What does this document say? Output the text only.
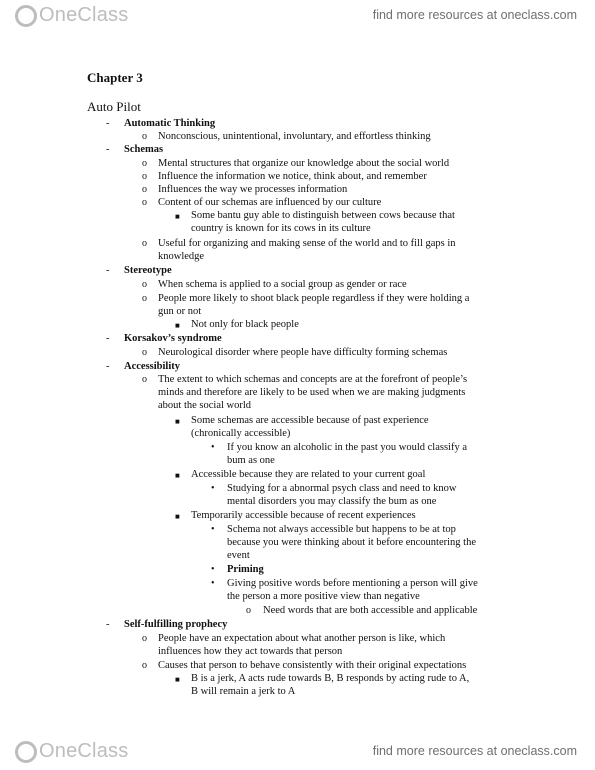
OneClass	find more resources at oneclass.com
Chapter 3
Auto Pilot
- Automatic Thinking
o Nonconscious, unintentional, involuntary, and effortless thinking
- Schemas
o Mental structures that organize our knowledge about the social world
o Influence the information we notice, think about, and remember
o Influences the way we processes information
o Content of our schemas are influenced by our culture
■ Some bantu guy able to distinguish between cows because that
country is known for its cows in its culture
o Useful for organizing and making sense of the world and to fill gaps in
knowledge
- Stereotype
o When schema is applied to a social group as gender or race
o People more likely to shoot black people regardless if they were holding a
gun or not
■ Not only for black people
- Korsakov’s syndrome
o Neurological disorder where people have difficulty forming schemas
- Accessibility
o The extent to which schemas and concepts are at the forefront of people’s
minds and therefore are likely to be used when we are making judgments
about the social world
■ Some schemas are accessible because of past experience
(chronically accessible)
• If you know an alcoholic in the past you would classify a
bum as one
■ Accessible because they are related to your current goal
• Studying for a abnormal psych class and need to know
mental disorders you may classify the bum as one
■ Temporarily accessible because of recent experiences
• Schema not always accessible but happens to be at top
because you were thinking about it before encountering the
event
• Priming
• Giving positive words before mentioning a person will give
the person a more positive view than negative
o Need words that are both accessible and applicable
- Self-fulfilling prophecy
o People have an expectation about what another person is like, which
influences how they act towards that person
o Causes that person to behave consistently with their original expectations
■ B is a jerk, A acts rude towards B, B responds by acting rude to A,
B will remain a jerk to A
OneClass	find more resources at oneclass.com
